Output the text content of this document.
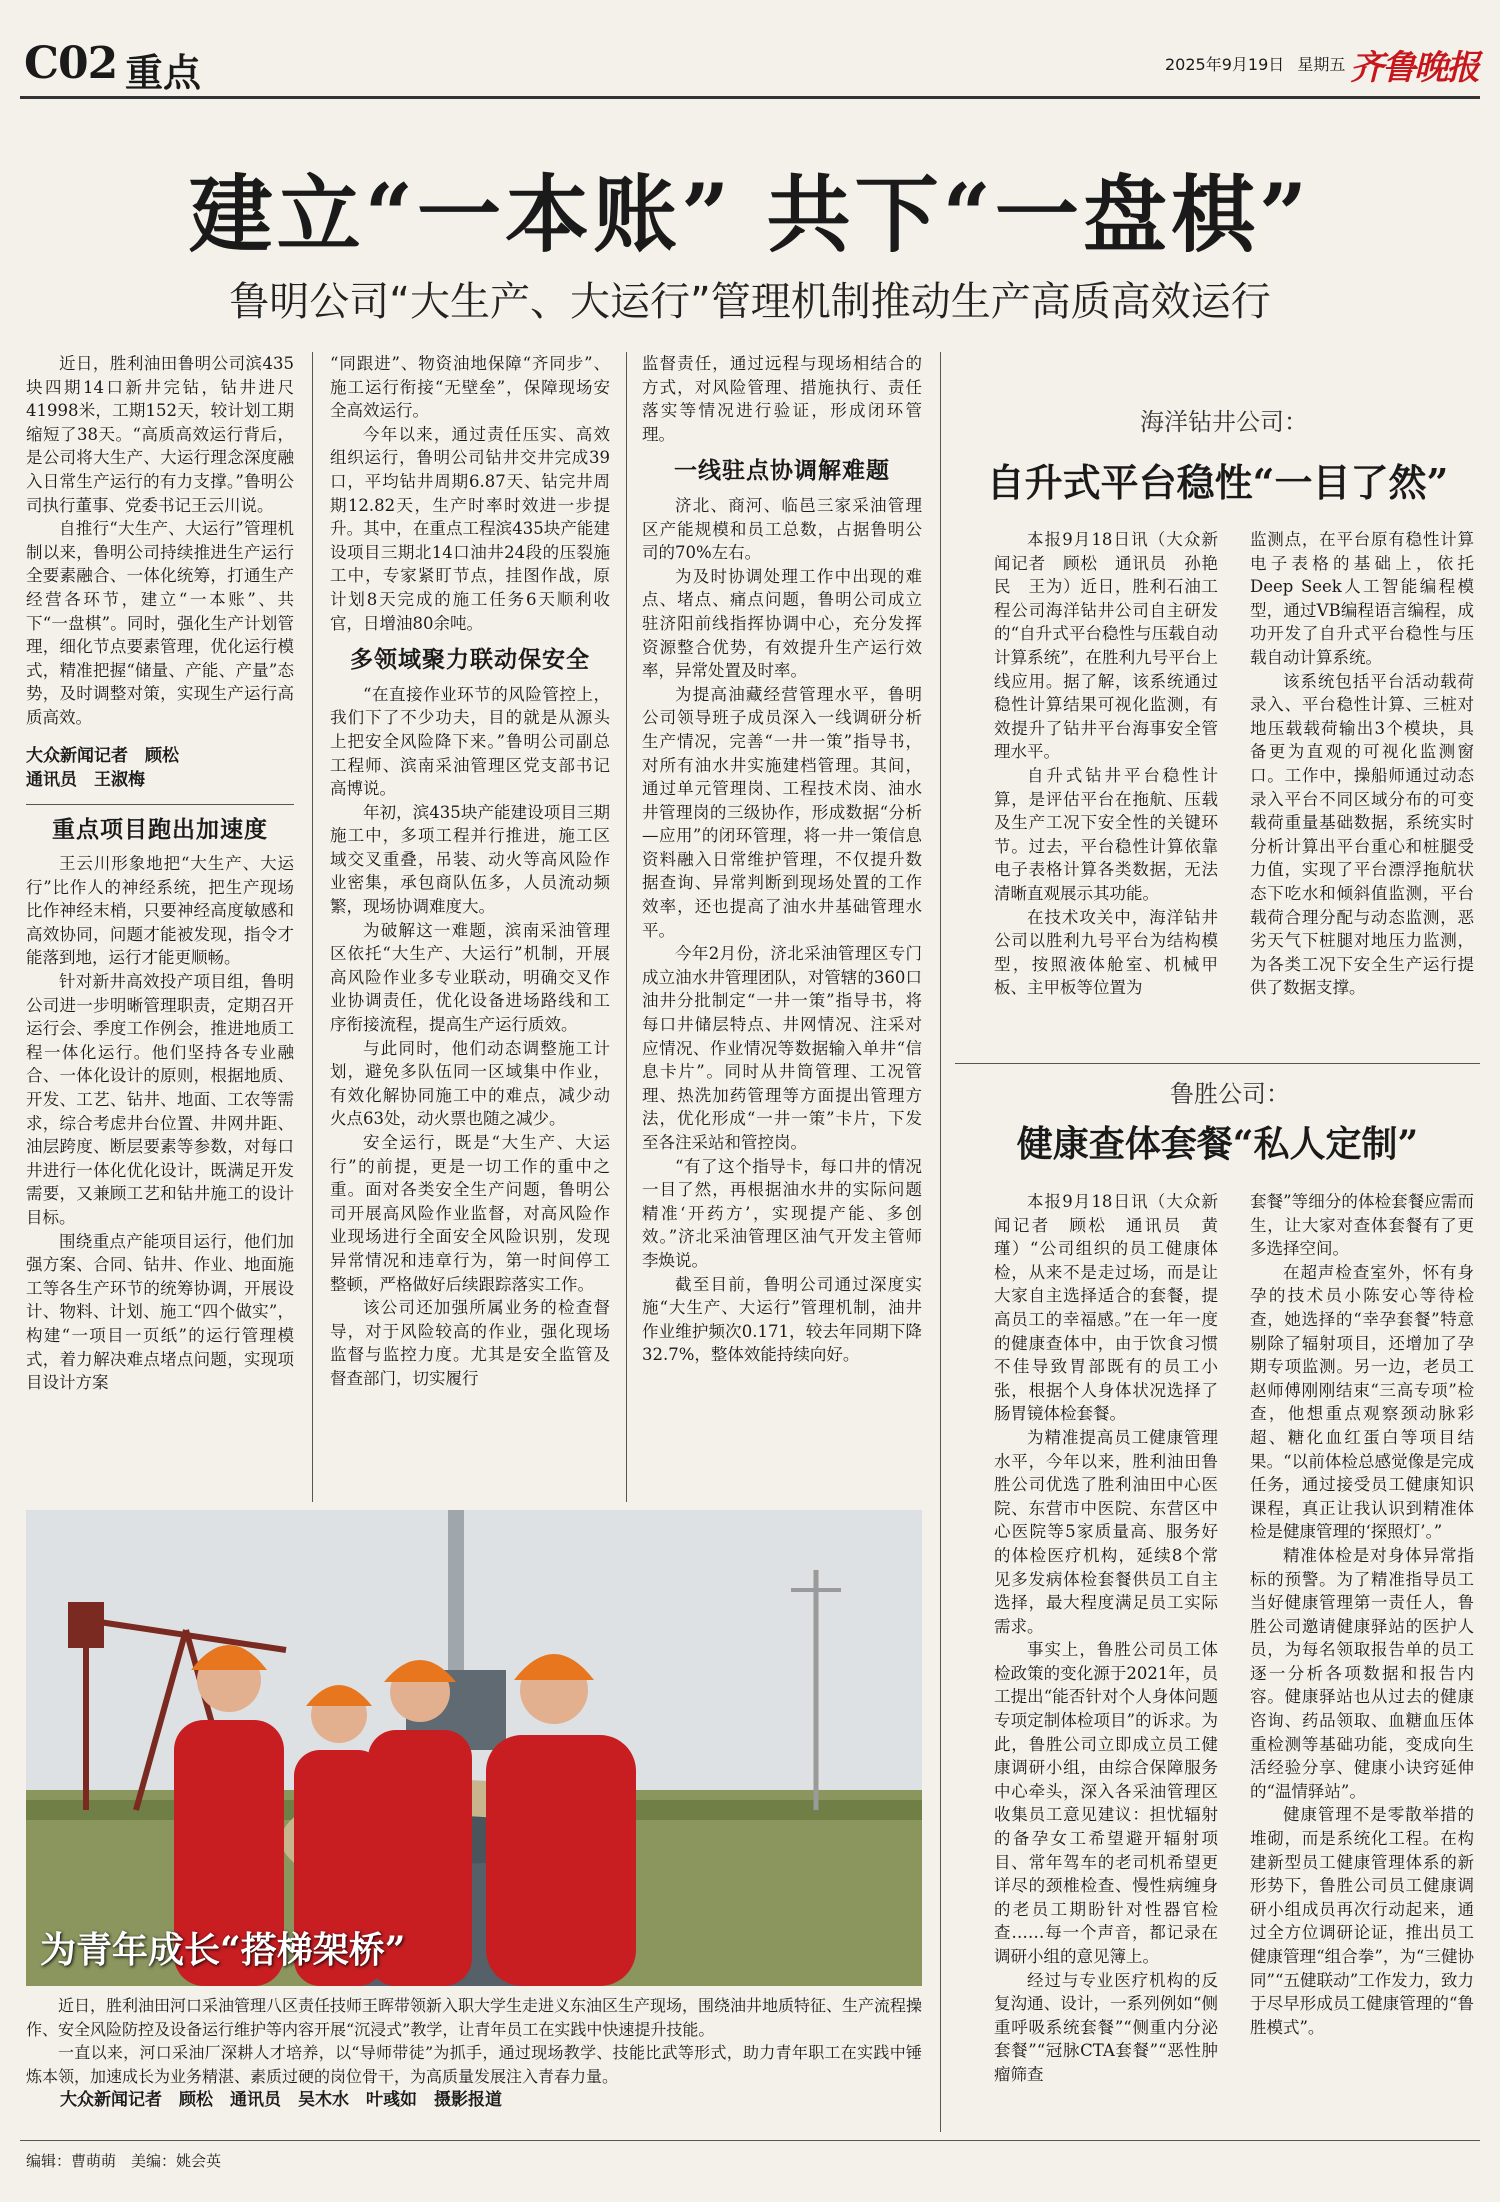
C02 重点	2025年9月19日 星期五 齐鲁晚报
建立“一本账” 共下“一盘棋”
鲁明公司“大生产、大运行”管理机制推动生产高质高效运行

近日，胜利油田鲁明公司滨435块四期14口新井完钻，钻井进尺41998米，工期152天，较计划工期缩短了38天。“高质高效运行背后，是公司将大生产、大运行理念深度融入日常生产运行的有力支撑。”鲁明公司执行董事、党委书记王云川说。

自推行“大生产、大运行”管理机制以来，鲁明公司持续推进生产运行全要素融合、一体化统筹，打通生产经营各环节，建立“一本账”、共下“一盘棋”。同时，强化生产计划管理，细化节点要素管理，优化运行模式，精准把握“储量、产能、产量”态势，及时调整对策，实现生产运行高质高效。

大众新闻记者　顾松
通讯员　王淑梅
重点项目跑出加速度

王云川形象地把“大生产、大运行”比作人的神经系统，把生产现场比作神经末梢，只要神经高度敏感和高效协同，问题才能被发现，指令才能落到地，运行才能更顺畅。

针对新井高效投产项目组，鲁明公司进一步明晰管理职责，定期召开运行会、季度工作例会，推进地质工程一体化运行。他们坚持各专业融合、一体化设计的原则，根据地质、开发、工艺、钻井、地面、工农等需求，综合考虑井台位置、井网井距、油层跨度、断层要素等参数，对每口井进行一体化优化设计，既满足开发需要，又兼顾工艺和钻井施工的设计目标。

围绕重点产能项目运行，他们加强方案、合同、钻井、作业、地面施工等各生产环节的统筹协调，开展设计、物料、计划、施工“四个做实”，构建“一项目一页纸”的运行管理模式，着力解决难点堵点问题，实现项目设计方案

“同跟进”、物资油地保障“齐同步”、施工运行衔接“无壁垒”，保障现场安全高效运行。

今年以来，通过责任压实、高效组织运行，鲁明公司钻井交井完成39口，平均钻井周期6.87天、钻完井周期12.82天，生产时率时效进一步提升。其中，在重点工程滨435块产能建设项目三期北14口油井24段的压裂施工中，专家紧盯节点，挂图作战，原计划8天完成的施工任务6天顺利收官，日增油80余吨。

多领域聚力联动保安全

“在直接作业环节的风险管控上，我们下了不少功夫，目的就是从源头上把安全风险降下来。”鲁明公司副总工程师、滨南采油管理区党支部书记高博说。

年初，滨435块产能建设项目三期施工中，多项工程并行推进，施工区域交叉重叠，吊装、动火等高风险作业密集，承包商队伍多，人员流动频繁，现场协调难度大。

为破解这一难题，滨南采油管理区依托“大生产、大运行”机制，开展高风险作业多专业联动，明确交叉作业协调责任，优化设备进场路线和工序衔接流程，提高生产运行质效。

与此同时，他们动态调整施工计划，避免多队伍同一区域集中作业，有效化解协同施工中的难点，减少动火点63处，动火票也随之减少。

安全运行，既是“大生产、大运行”的前提，更是一切工作的重中之重。面对各类安全生产问题，鲁明公司开展高风险作业监督，对高风险作业现场进行全面安全风险识别，发现异常情况和违章行为，第一时间停工整顿，严格做好后续跟踪落实工作。

该公司还加强所属业务的检查督导，对于风险较高的作业，强化现场监督与监控力度。尤其是安全监管及督查部门，切实履行

监督责任，通过远程与现场相结合的方式，对风险管理、措施执行、责任落实等情况进行验证，形成闭环管理。

一线驻点协调解难题

济北、商河、临邑三家采油管理区产能规模和员工总数，占据鲁明公司的70%左右。

为及时协调处理工作中出现的难点、堵点、痛点问题，鲁明公司成立驻济阳前线指挥协调中心，充分发挥资源整合优势，有效提升生产运行效率，异常处置及时率。

为提高油藏经营管理水平，鲁明公司领导班子成员深入一线调研分析生产情况，完善“一井一策”指导书，对所有油水井实施建档管理。其间，通过单元管理岗、工程技术岗、油水井管理岗的三级协作，形成数据“分析—应用”的闭环管理，将一井一策信息资料融入日常维护管理，不仅提升数据查询、异常判断到现场处置的工作效率，还也提高了油水井基础管理水平。

今年2月份，济北采油管理区专门成立油水井管理团队，对管辖的360口油井分批制定“一井一策”指导书，将每口井储层特点、井网情况、注采对应情况、作业情况等数据输入单井“信息卡片”。同时从井筒管理、工况管理、热洗加药管理等方面提出管理方法，优化形成“一井一策”卡片，下发至各注采站和管控岗。

“有了这个指导卡，每口井的情况一目了然，再根据油水井的实际问题精准‘开药方’，实现提产能、多创效。”济北采油管理区油气开发主管师李焕说。

截至目前，鲁明公司通过深度实施“大生产、大运行”管理机制，油井作业维护频次0.171，较去年同期下降32.7%，整体效能持续向好。

海洋钻井公司：
自升式平台稳性“一目了然”

本报9月18日讯（大众新闻记者　顾松　通讯员　孙艳民　王为）近日，胜利石油工程公司海洋钻井公司自主研发的“自升式平台稳性与压载自动计算系统”，在胜利九号平台上线应用。据了解，该系统通过稳性计算结果可视化监测，有效提升了钻井平台海事安全管理水平。

自升式钻井平台稳性计算，是评估平台在拖航、压载及生产工况下安全性的关键环节。过去，平台稳性计算依靠电子表格计算各类数据，无法清晰直观展示其功能。

在技术攻关中，海洋钻井公司以胜利九号平台为结构模型，按照液体舱室、机械甲板、主甲板等位置为

监测点，在平台原有稳性计算电子表格的基础上，依托Deep Seek人工智能编程模型，通过VB编程语言编程，成功开发了自升式平台稳性与压载自动计算系统。

该系统包括平台活动载荷录入、平台稳性计算、三桩对地压载载荷输出3个模块，具备更为直观的可视化监测窗口。工作中，操船师通过动态录入平台不同区域分布的可变载荷重量基础数据，系统实时分析计算出平台重心和桩腿受力值，实现了平台漂浮拖航状态下吃水和倾斜值监测，平台载荷合理分配与动态监测，恶劣天气下桩腿对地压力监测，为各类工况下安全生产运行提供了数据支撑。

鲁胜公司：
健康查体套餐“私人定制”

本报9月18日讯（大众新闻记者　顾松　通讯员　黄瑾）“公司组织的员工健康体检，从来不是走过场，而是让大家自主选择适合的套餐，提高员工的幸福感。”在一年一度的健康查体中，由于饮食习惯不佳导致胃部既有的员工小张，根据个人身体状况选择了肠胃镜体检套餐。

为精准提高员工健康管理水平，今年以来，胜利油田鲁胜公司优选了胜利油田中心医院、东营市中医院、东营区中心医院等5家质量高、服务好的体检医疗机构，延续8个常见多发病体检套餐供员工自主选择，最大程度满足员工实际需求。

事实上，鲁胜公司员工体检政策的变化源于2021年，员工提出“能否针对个人身体问题专项定制体检项目”的诉求。为此，鲁胜公司立即成立员工健康调研小组，由综合保障服务中心牵头，深入各采油管理区收集员工意见建议：担忧辐射的备孕女工希望避开辐射项目、常年驾车的老司机希望更详尽的颈椎检查、慢性病缠身的老员工期盼针对性器官检查……每一个声音，都记录在调研小组的意见簿上。

经过与专业医疗机构的反复沟通、设计，一系列例如“侧重呼吸系统套餐”“侧重内分泌套餐”“冠脉CTA套餐”“恶性肿瘤筛查

套餐”等细分的体检套餐应需而生，让大家对查体套餐有了更多选择空间。

在超声检查室外，怀有身孕的技术员小陈安心等待检查，她选择的“幸孕套餐”特意剔除了辐射项目，还增加了孕期专项监测。另一边，老员工赵师傅刚刚结束“三高专项”检查，他想重点观察颈动脉彩超、糖化血红蛋白等项目结果。“以前体检总感觉像是完成任务，通过接受员工健康知识课程，真正让我认识到精准体检是健康管理的‘探照灯’。”

精准体检是对身体异常指标的预警。为了精准指导员工当好健康管理第一责任人，鲁胜公司邀请健康驿站的医护人员，为每名领取报告单的员工逐一分析各项数据和报告内容。健康驿站也从过去的健康咨询、药品领取、血糖血压体重检测等基础功能，变成向生活经验分享、健康小诀窍延伸的“温情驿站”。

健康管理不是零散举措的堆砌，而是系统化工程。在构建新型员工健康管理体系的新形势下，鲁胜公司员工健康调研小组成员再次行动起来，通过全方位调研论证，推出员工健康管理“组合拳”，为“三健协同”“五健联动”工作发力，致力于尽早形成员工健康管理的“鲁胜模式”。

为青年成长“搭梯架桥”

近日，胜利油田河口采油管理八区责任技师王晖带领新入职大学生走进义东油区生产现场，围绕油井地质特征、生产流程操作、安全风险防控及设备运行维护等内容开展“沉浸式”教学，让青年员工在实践中快速提升技能。

一直以来，河口采油厂深耕人才培养，以“导师带徒”为抓手，通过现场教学、技能比武等形式，助力青年职工在实践中锤炼本领，加速成长为业务精湛、素质过硬的岗位骨干，为高质量发展注入青春力量。

大众新闻记者　顾松　通讯员　吴木水　叶彧如　摄影报道
编辑：曹萌萌　美编：姚会英
